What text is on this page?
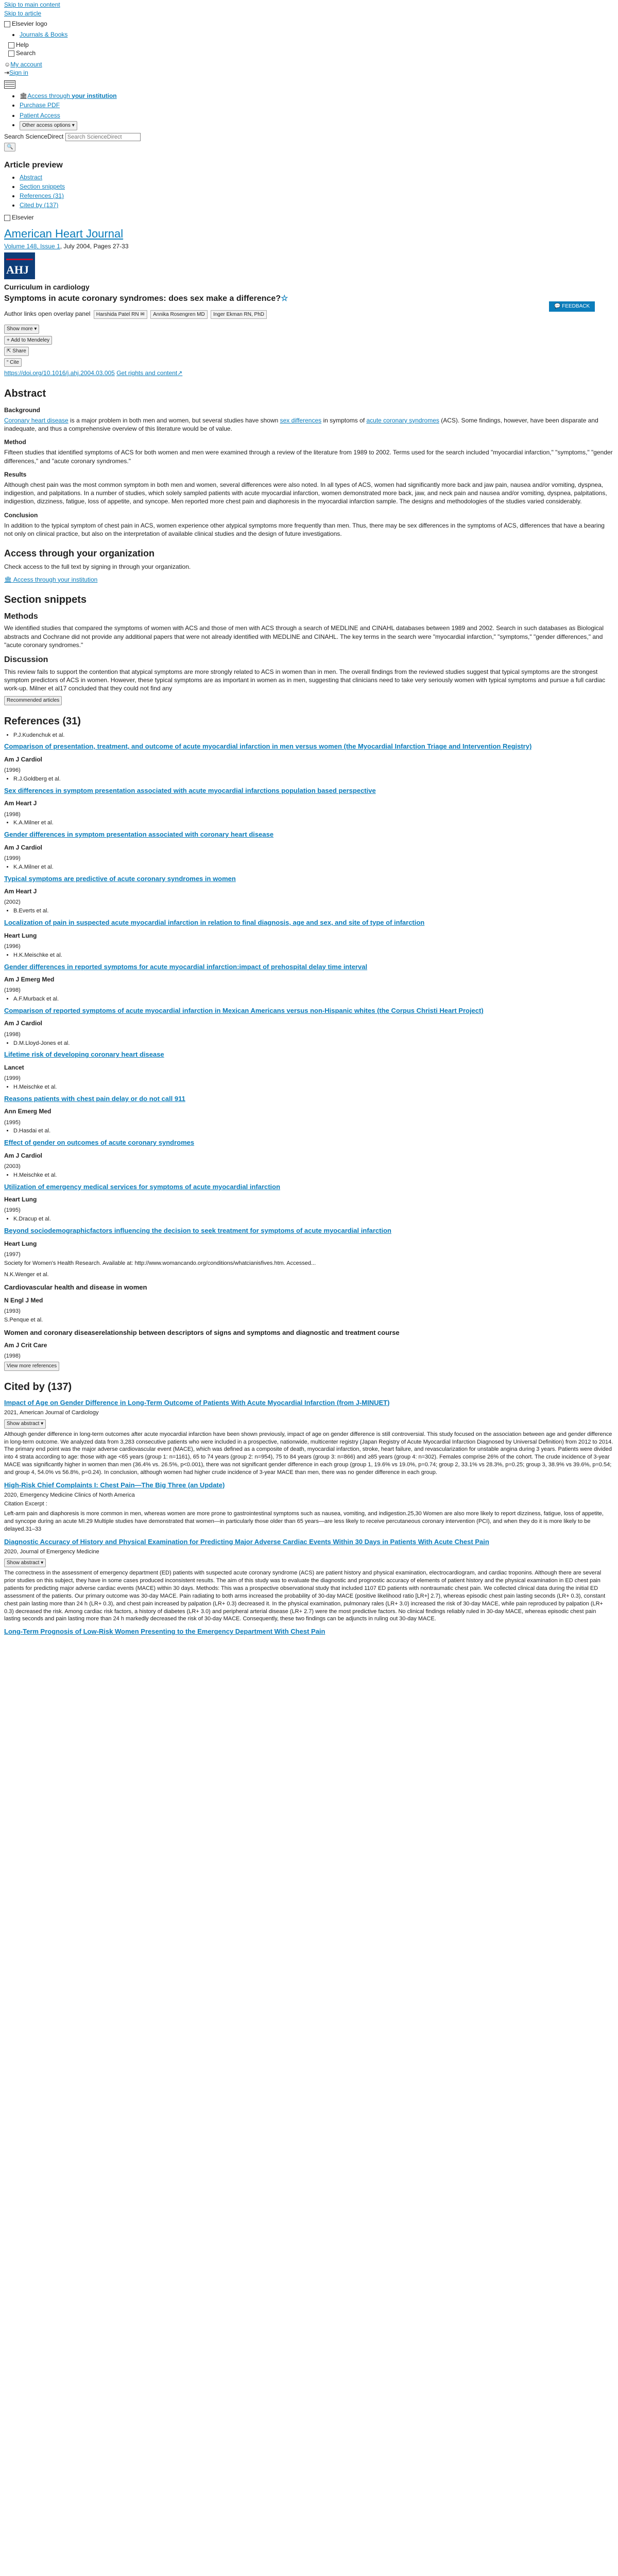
Skip to main content
Skip to article
Elsevier logo
• Journals & Books
Help
Search
☺My account
⇥Sign in
• 🏛Access through your institution
• Purchase PDF
• Patient Access
• Other access options ▾
Search ScienceDirect Search ScienceDirect
🔍
Article preview
• Abstract
• Section snippets
• References (31)
• Cited by (137)
Elsevier
American Heart Journal
Volume 148, Issue 1, July 2004, Pages 27-33
AHJ
Curriculum in cardiology
Symptoms in acute coronary syndromes: does sex make a difference?☆
💬 FEEDBACK
Author links open overlay panel Harshida Patel RN ✉ Annika Rosengren MD Inger Ekman RN, PhD
Show more ▾
+ Add to Mendeley
⇱ Share
“ Cite
https://doi.org/10.1016/j.ahj.2004.03.005 Get rights and content↗
Abstract
Background

Coronary heart disease is a major problem in both men and women, but several studies have shown sex differences in symptoms of acute coronary syndromes (ACS). Some findings, however, have been disparate and inadequate, and thus a comprehensive overview of this literature would be of value.

Method

Fifteen studies that identified symptoms of ACS for both women and men were examined through a review of the literature from 1989 to 2002. Terms used for the search included "myocardial infarction," "symptoms," "gender differences," and "acute coronary syndromes."

Results

Although chest pain was the most common symptom in both men and women, several differences were also noted. In all types of ACS, women had significantly more back and jaw pain, nausea and/or vomiting, dyspnea, indigestion, and palpitations. In a number of studies, which solely sampled patients with acute myocardial infarction, women demonstrated more back, jaw, and neck pain and nausea and/or vomiting, dyspnea, palpitations, indigestion, dizziness, fatigue, loss of appetite, and syncope. Men reported more chest pain and diaphoresis in the myocardial infarction sample. The designs and methodologies of the studies varied considerably.

Conclusion

In addition to the typical symptom of chest pain in ACS, women experience other atypical symptoms more frequently than men. Thus, there may be sex differences in the symptoms of ACS, differences that have a bearing not only on clinical practice, but also on the interpretation of available clinical studies and the design of future investigations.

Access through your organization

Check access to the full text by signing in through your organization.

🏛 Access through your institution
Section snippets
Methods

We identified studies that compared the symptoms of women with ACS and those of men with ACS through a search of MEDLINE and CINAHL databases between 1989 and 2002. Search in such databases as Biological abstracts and Cochrane did not provide any additional papers that were not already identified with MEDLINE and CINAHL. The key terms in the search were "myocardial infarction," "symptoms," "gender differences," and "acute coronary syndromes."

Discussion

This review fails to support the contention that atypical symptoms are more strongly related to ACS in women than in men. The overall findings from the reviewed studies suggest that typical symptoms are the strongest symptom predictors of ACS in women. However, these typical symptoms are as important in women as in men, suggesting that clinicians need to take very seriously women with typical symptoms and pursue a full cardiac work-up. Milner et al17 concluded that they could not find any

Recommended articles
References (31)
• P.J.Kudenchuk et al.
Comparison of presentation, treatment, and outcome of acute myocardial infarction in men versus women (the Myocardial Infarction Triage and Intervention Registry)
Am J Cardiol
(1996)
• R.J.Goldberg et al.
Sex differences in symptom presentation associated with acute myocardial infarctions population based perspective
Am Heart J
(1998)
• K.A.Milner et al.
Gender differences in symptom presentation associated with coronary heart disease
Am J Cardiol
(1999)
• K.A.Milner et al.
Typical symptoms are predictive of acute coronary syndromes in women
Am Heart J
(2002)
• B.Everts et al.
Localization of pain in suspected acute myocardial infarction in relation to final diagnosis, age and sex, and site of type of infarction
Heart Lung
(1996)
• H.K.Meischke et al.
Gender differences in reported symptoms for acute myocardial infarction:impact of prehospital delay time interval
Am J Emerg Med
(1998)
• A.F.Murback et al.
Comparison of reported symptoms of acute myocardial infarction in Mexican Americans versus non-Hispanic whites (the Corpus Christi Heart Project)
Am J Cardiol
(1998)
• D.M.Lloyd-Jones et al.
Lifetime risk of developing coronary heart disease
Lancet
(1999)
• H.Meischke et al.
Reasons patients with chest pain delay or do not call 911
Ann Emerg Med
(1995)
• D.Hasdai et al.
Effect of gender on outcomes of acute coronary syndromes
Am J Cardiol
(2003)
• H.Meischke et al.
Utilization of emergency medical services for symptoms of acute myocardial infarction
Heart Lung
(1995)
• K.Dracup et al.
Beyond sociodemographicfactors influencing the decision to seek treatment for symptoms of acute myocardial infarction
Heart Lung
(1997)
Society for Women's Health Research. Available at: http://www.womancando.org/conditions/whatcianisfives.htm. Accessed...
N.K.Wenger et al.
Cardiovascular health and disease in women
N Engl J Med
(1993)
S.Penque et al.
Women and coronary diseaserelationship between descriptors of signs and symptoms and diagnostic and treatment course
Am J Crit Care
(1998)
View more references
Cited by (137)
Impact of Age on Gender Difference in Long-Term Outcome of Patients With Acute Myocardial Infarction (from J-MINUET)
2021, American Journal of Cardiology
Show abstract ▾
Although gender difference in long-term outcomes after acute myocardial infarction have been shown previously, impact of age on gender difference is still controversial. This study focused on the association between age and gender difference in long-term outcome. We analyzed data from 3,283 consecutive patients who were included in a prospective, nationwide, multicenter registry (Japan Registry of Acute Myocardial Infarction Diagnosed by Universal Definition) from 2012 to 2014. The primary end point was the major adverse cardiovascular event (MACE), which was defined as a composite of death, myocardial infarction, stroke, heart failure, and revascularization for unstable angina during 3 years. Patients were divided into 4 strata according to age: those with age <65 years (group 1: n=1161), 65 to 74 years (group 2: n=954), 75 to 84 years (group 3: n=866) and ≥85 years (group 4: n=302). Females comprise 26% of the cohort. The crude incidence of 3-year MACE was significantly higher in women than men (36.4% vs. 26.5%, p<0.001), there was not significant gender difference in each group (group 1, 19.6% vs 19.0%, p=0.74; group 2, 33.1% vs 28.3%, p=0.25; group 3, 38.9% vs 39.6%, p=0.54; and group 4, 54.0% vs 56.8%, p=0.24). In conclusion, although women had higher crude incidence of 3-year MACE than men, there was no gender difference in each group.
High-Risk Chief Complaints I: Chest Pain—The Big Three (an Update)
2020, Emergency Medicine Clinics of North America
Citation Excerpt :
Left-arm pain and diaphoresis is more common in men, whereas women are more prone to gastrointestinal symptoms such as nausea, vomiting, and indigestion.25,30 Women are also more likely to report dizziness, fatigue, loss of appetite, and syncope during an acute MI.29 Multiple studies have demonstrated that women—in particularly those older than 65 years—are less likely to receive percutaneous coronary intervention (PCI), and when they do it is more likely to be delayed.31–33
Diagnostic Accuracy of History and Physical Examination for Predicting Major Adverse Cardiac Events Within 30 Days in Patients With Acute Chest Pain
2020, Journal of Emergency Medicine
Show abstract ▾
The correctness in the assessment of emergency department (ED) patients with suspected acute coronary syndrome (ACS) are patient history and physical examination, electrocardiogram, and cardiac troponins. Although there are several prior studies on this subject, they have in some cases produced inconsistent results. The aim of this study was to evaluate the diagnostic and prognostic accuracy of elements of patient history and the physical examination in ED chest pain patients for predicting major adverse cardiac events (MACE) within 30 days. Methods: This was a prospective observational study that included 1107 ED patients with nontraumatic chest pain. We collected clinical data during the initial ED assessment of the patients. Our primary outcome was 30-day MACE. Pain radiating to both arms increased the probability of 30-day MACE (positive likelihood ratio [LR+] 2.7), whereas episodic chest pain lasting seconds (LR+ 0.3), constant chest pain lasting more than 24 h (LR+ 0.3), and chest pain increased by palpation (LR+ 0.3) decreased it. In the physical examination, pulmonary rales (LR+ 3.0) increased the risk of 30-day MACE, while pain reproduced by palpation (LR+ 0.3) decreased the risk. Among cardiac risk factors, a history of diabetes (LR+ 3.0) and peripheral arterial disease (LR+ 2.7) were the most predictive factors. No clinical findings reliably ruled in 30-day MACE, whereas episodic chest pain lasting seconds and pain lasting more than 24 h markedly decreased the risk of 30-day MACE. Consequently, these two findings can be adjuncts in ruling out 30-day MACE.
Long-Term Prognosis of Low-Risk Women Presenting to the Emergency Department With Chest Pain
